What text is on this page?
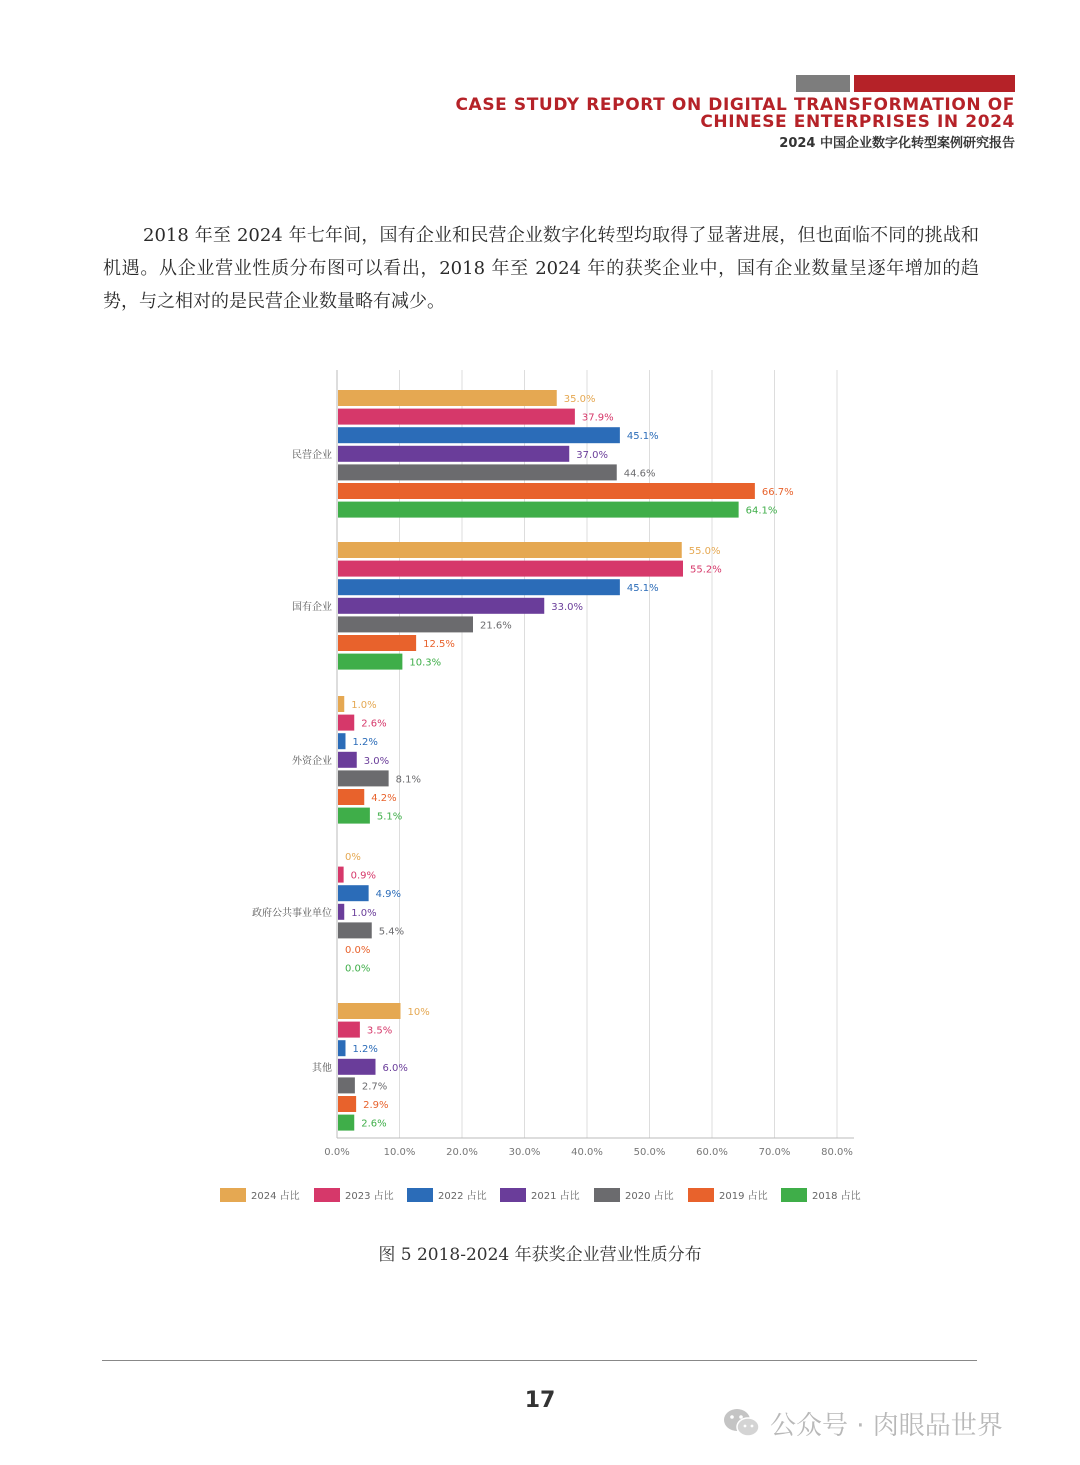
CASE STUDY REPORT ON DIGITAL TRANSFORMATION OF
CHINESE ENTERPRISES IN 2024
2024 中国企业数字化转型案例研究报告

2018 年至 2024 年七年间，国有企业和民营企业数字化转型均取得了显著进展，但也面临不同的挑战和机遇。从企业营业性质分布图可以看出，2018 年至 2024 年的获奖企业中，国有企业数量呈逐年增加的趋势，与之相对的是民营企业数量略有减少。

0.0%	10.0%	20.0%	30.0%	40.0%	50.0%	60.0%	70.0%	80.0%
民营企业
35.0%
37.9%
45.1%
37.0%
44.6%
66.7%
64.1%
国有企业
55.0%
55.2%
45.1%
33.0%
21.6%
12.5%
10.3%
外资企业
1.0%
2.6%
1.2%
3.0%
8.1%
4.2%
5.1%
政府公共事业单位
0%
0.9%
4.9%
1.0%
5.4%
0.0%
0.0%
其他
10%
3.5%
1.2%
6.0%
2.7%
2.9%
2.6%
2024 占比	2023 占比	2022 占比	2021 占比	2020 占比	2019 占比	2018 占比
图 5 2018-2024 年获奖企业营业性质分布
17
公众号 · 肉眼品世界
